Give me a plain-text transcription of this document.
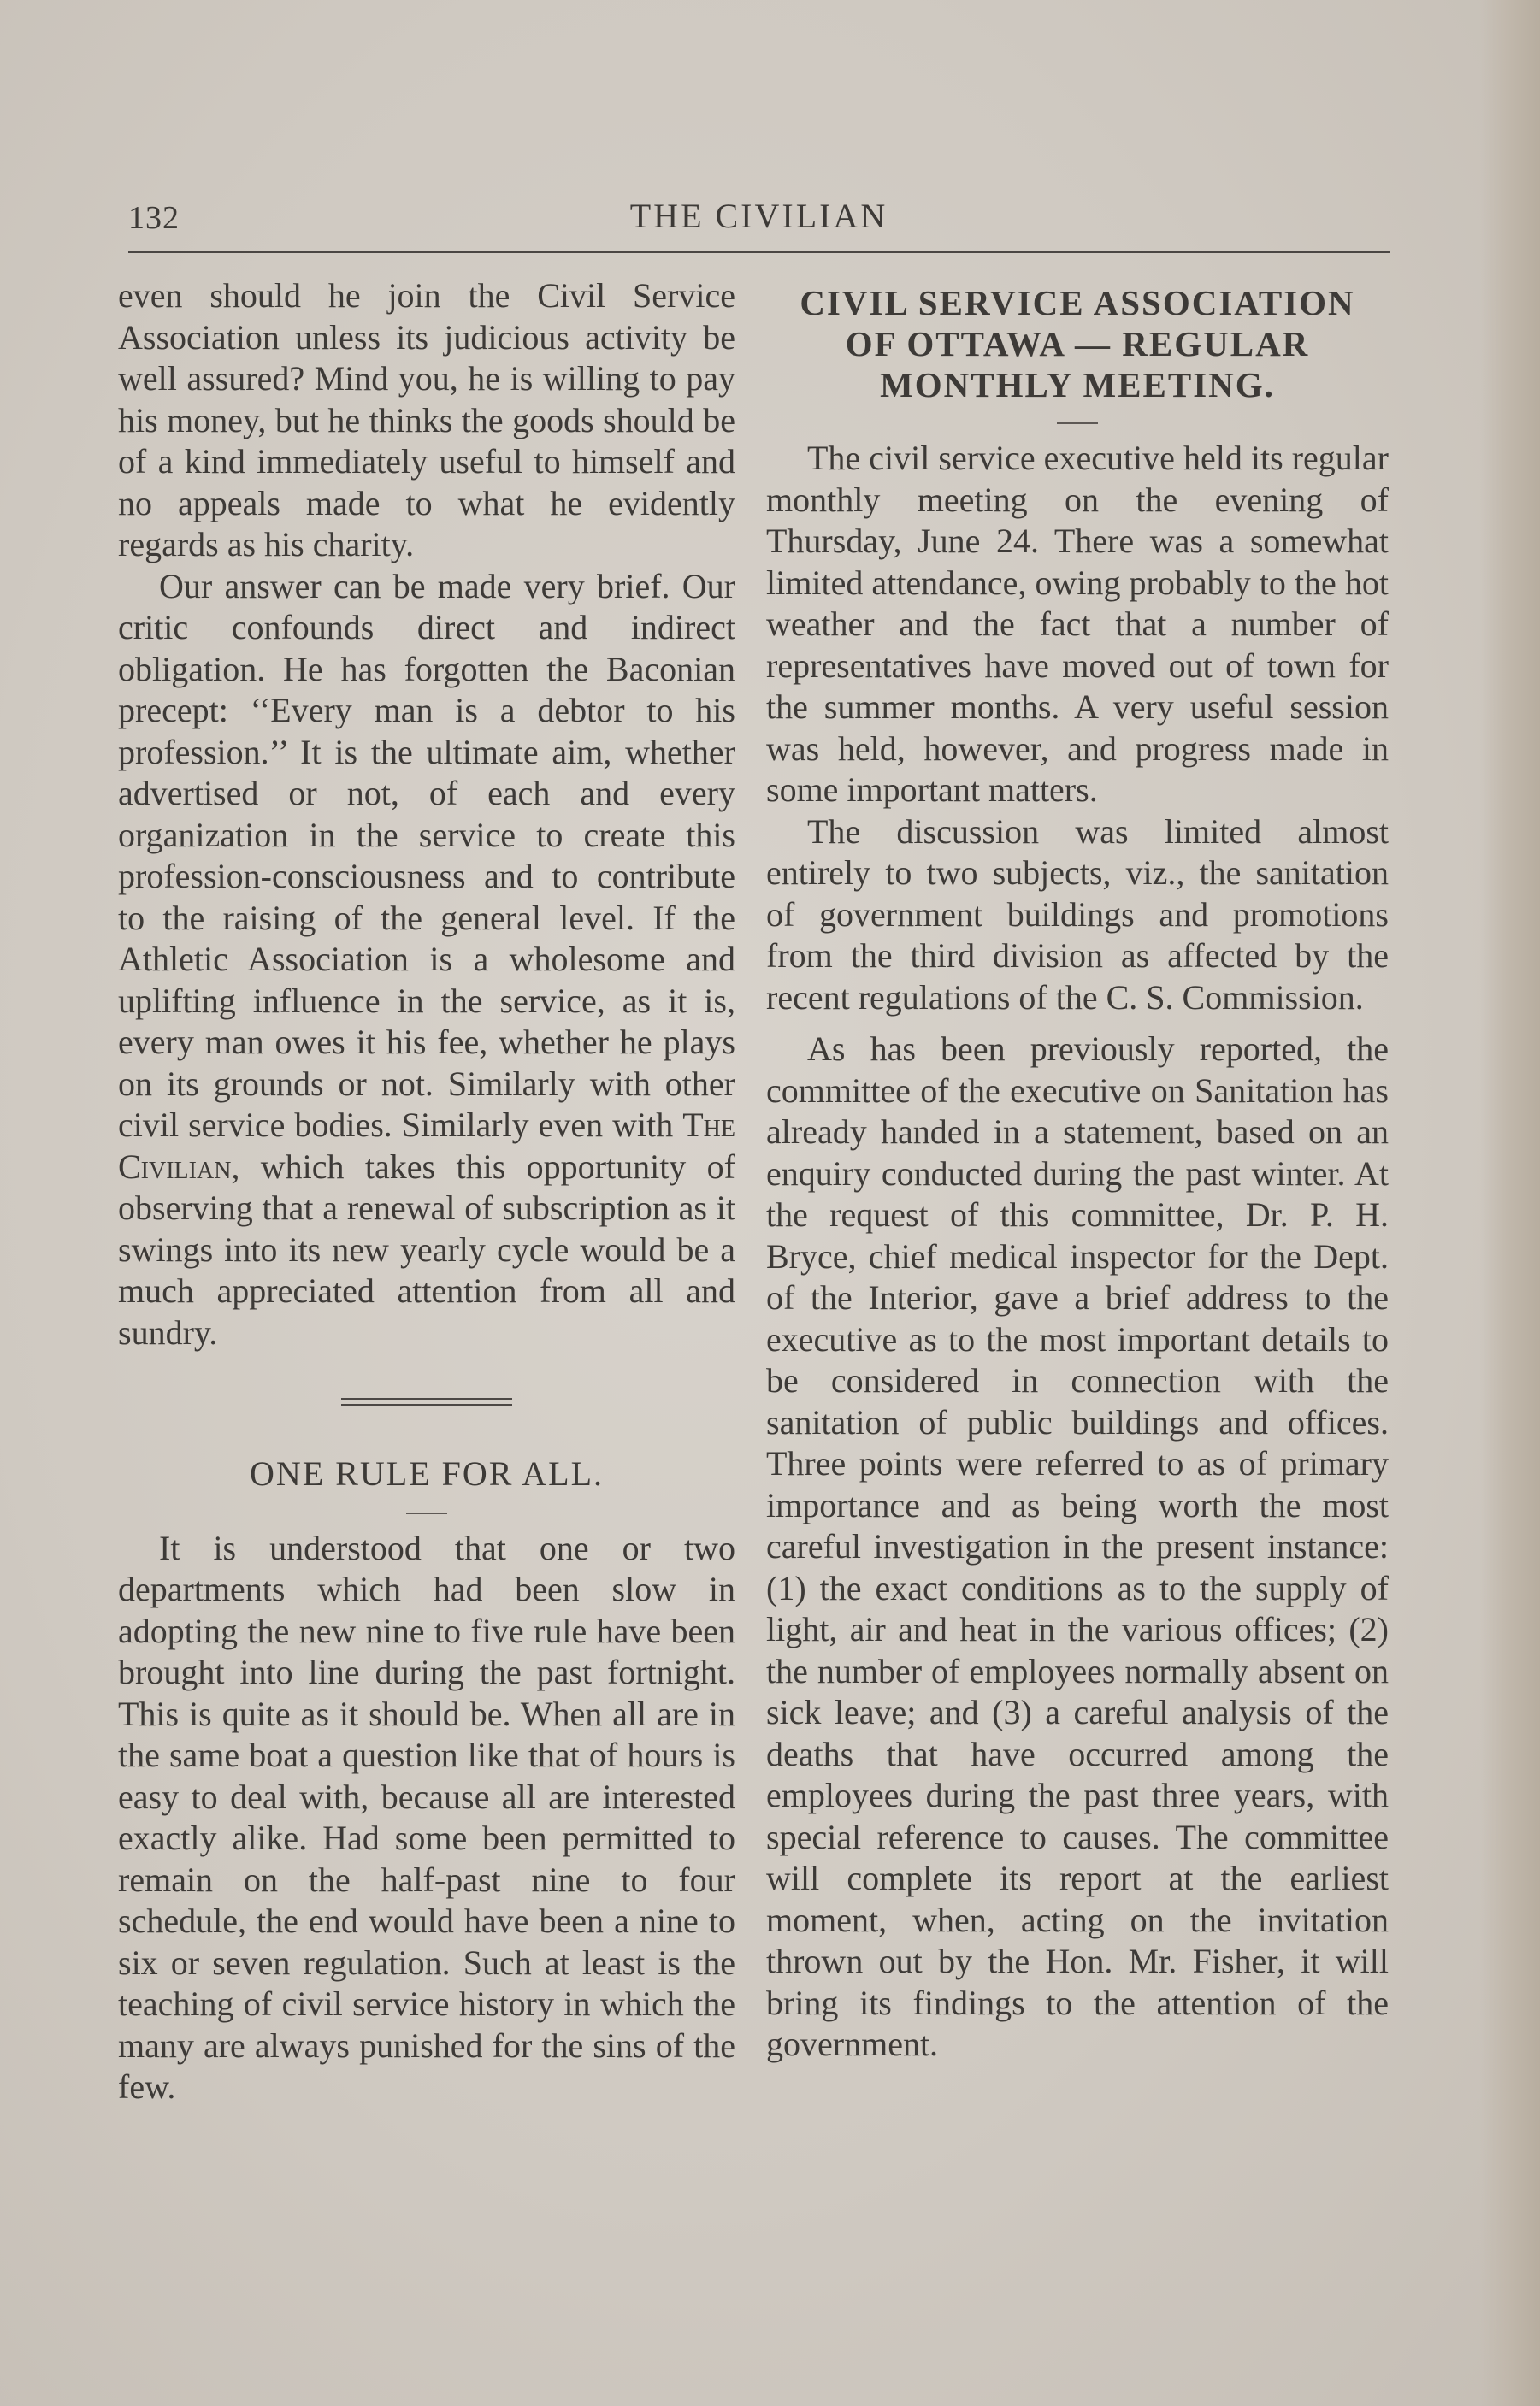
132	THE CIVILIAN

even should he join the Civil Service Association unless its judicious activity be well assured? Mind you, he is willing to pay his money, but he thinks the goods should be of a kind immediately useful to himself and no appeals made to what he evidently regards as his charity.

Our answer can be made very brief. Our critic confounds direct and indirect obligation. He has forgotten the Baconian precept: ‘‘Every man is a debtor to his profession.’’ It is the ultimate aim, whether advertised or not, of each and every organization in the service to create this profession-consciousness and to contribute to the raising of the general level. If the Athletic Association is a wholesome and uplifting influence in the service, as it is, every man owes it his fee, whether he plays on its grounds or not. Similarly with other civil service bodies. Similarly even with The Civilian, which takes this opportunity of observing that a renewal of subscription as it swings into its new yearly cycle would be a much appreciated attention from all and sundry.

ONE RULE FOR ALL.

It is understood that one or two departments which had been slow in adopting the new nine to five rule have been brought into line during the past fortnight. This is quite as it should be. When all are in the same boat a question like that of hours is easy to deal with, because all are interested exactly alike. Had some been permitted to remain on the half-past nine to four schedule, the end would have been a nine to six or seven regulation. Such at least is the teaching of civil service history in which the many are always punished for the sins of the few.

CIVIL SERVICE ASSOCIATION
OF OTTAWA — REGULAR
MONTHLY MEETING.

The civil service executive held its regular monthly meeting on the evening of Thursday, June 24. There was a somewhat limited attendance, owing probably to the hot weather and the fact that a number of representatives have moved out of town for the summer months. A very useful session was held, however, and progress made in some important matters.

The discussion was limited almost entirely to two subjects, viz., the sanitation of government buildings and promotions from the third division as affected by the recent regulations of the C. S. Commission.

As has been previously reported, the committee of the executive on Sanitation has already handed in a statement, based on an enquiry conducted during the past winter. At the request of this committee, Dr. P. H. Bryce, chief medical inspector for the Dept. of the Interior, gave a brief address to the executive as to the most important details to be considered in connection with the sanitation of public buildings and offices. Three points were referred to as of primary importance and as being worth the most careful investigation in the present instance: (1) the exact conditions as to the supply of light, air and heat in the various offices; (2) the number of employees normally absent on sick leave; and (3) a careful analysis of the deaths that have occurred among the employees during the past three years, with special reference to causes. The committee will complete its report at the earliest moment, when, acting on the invitation thrown out by the Hon. Mr. Fisher, it will bring its findings to the attention of the government.
